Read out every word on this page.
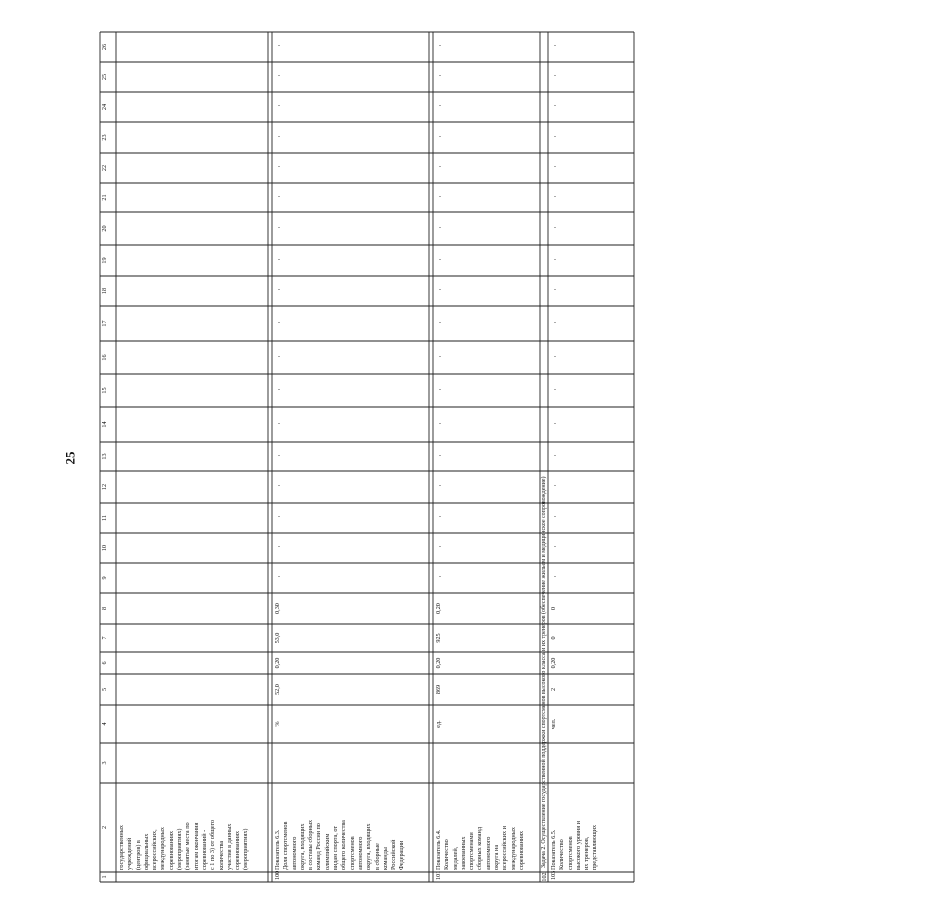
25
1
2
3
4
5
6
7
8
9
10
11
12
13
14
15
16
17
18
19
20
21
22
23
24
25
26
государственных
учреждений
(центров) в
официальных
всероссийских,
международных
соревнованиях
(мероприятиях)
(занятые места по
итогам окончания
соревнований -
с 1 по 3) от общего
количества
участия в данных
соревнованиях
(мероприятиях)
100
Показатель 6.3.
Доля спортсменов
автономного
округа, входящих
в составы сборных
команд России по
олимпийским
видам спорта, от
общего количества
спортсменов
автономного
округа, входящих
в сборные
команды
Российской
Федерации
%
52,0
0,20
53,0
0,30
-
-
-
-
-
-
-
-
-
-
-
-
-
-
-
-
-
-
101
Показатель 6.4.
Количество
медалей,
завоеванных
спортсменами
сборных команд
автономного
округа на
всероссийских и
международных
соревнованиях
ед.
869
0,20
925
0,20
-
-
-
-
-
-
-
-
-
-
-
-
-
-
-
-
-
-
102
Задача 2. Осуществление государственной поддержки спортсменов высокого класса и их тренеров (обеспечение жильем и медицинское сопровождение)
103
Показатель 6.5.
Количество
спортсменов
высокого уровня и
их тренеров,
представляющих
чел.
2
0,20
0
0
-
-
-
-
-
-
-
-
-
-
-
-
-
-
-
-
-
-
